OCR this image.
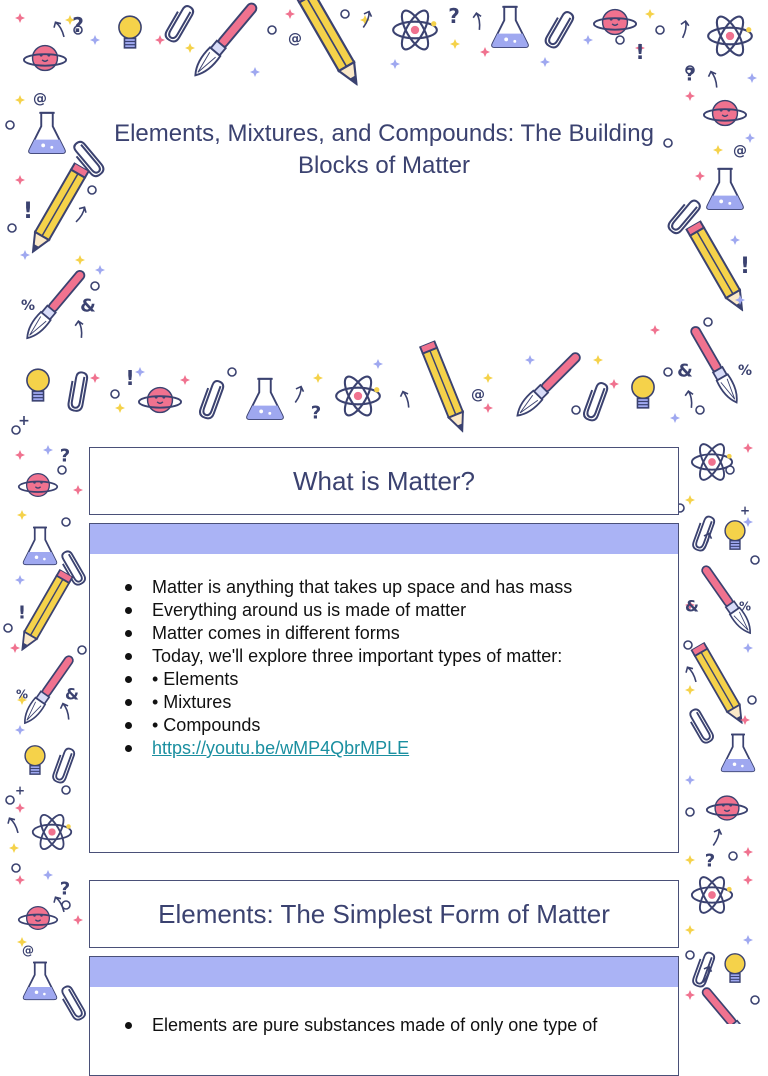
?	?
!
?
@
@
@
!
%	&
!
&	%
!
?
@
+
?
!
% &
+
+
&	%
?
?
@
Elements, Mixtures, and Compounds: The Building Blocks of Matter
What is Matter?
Matter is anything that takes up space and has mass
Everything around us is made of matter
Matter comes in different forms
Today, we'll explore three important types of matter:
• Elements
• Mixtures
• Compounds
https://youtu.be/wMP4QbrMPLE
Elements: The Simplest Form of Matter
Elements are pure substances made of only one type of
